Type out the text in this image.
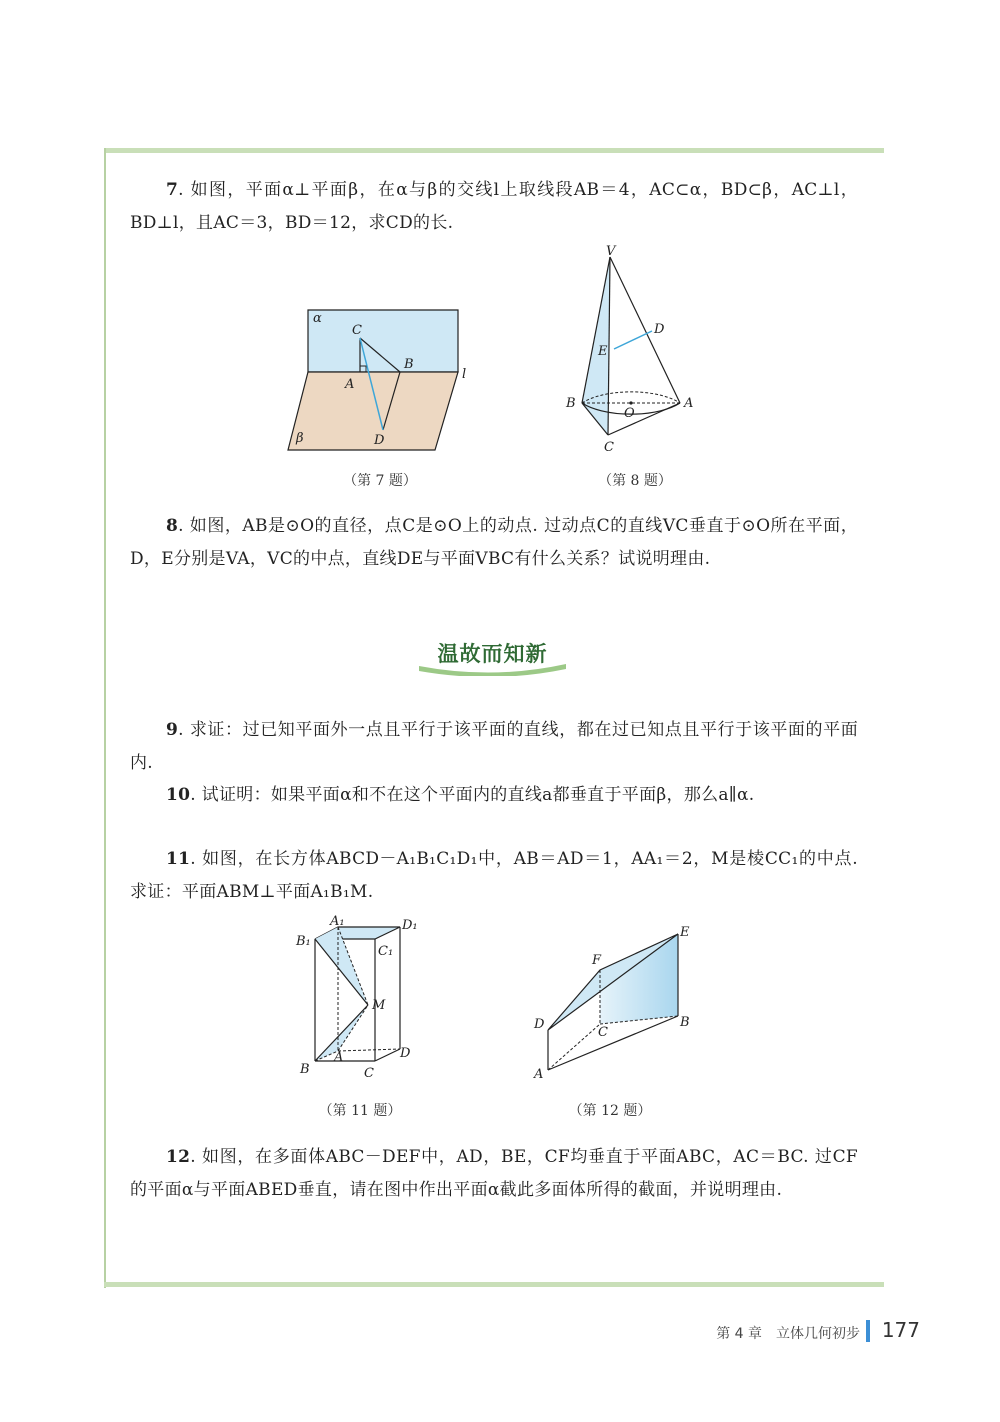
7. 如图，平面α⊥平面β，在α与β的交线l上取线段AB＝4，AC⊂α，BD⊂β，AC⊥l，BD⊥l，且AC＝3，BD＝12，求CD的长.
α
β
l
C
A
B
D
（第 7 题）
V
D
E
B
O
A
C
（第 8 题）
8. 如图，AB是⊙O的直径，点C是⊙O上的动点. 过动点C的直线VC垂直于⊙O所在平面，D，E分别是VA，VC的中点，直线DE与平面VBC有什么关系？试说明理由.
温故而知新
9. 求证：过已知平面外一点且平行于该平面的直线，都在过已知点且平行于该平面的平面内.
10. 试证明：如果平面α和不在这个平面内的直线a都垂直于平面β，那么a∥α.
11. 如图，在长方体ABCD－A₁B₁C₁D₁中，AB＝AD＝1，AA₁＝2，M是棱CC₁的中点. 求证：平面ABM⊥平面A₁B₁M.
A₁	D₁
B₁
C₁
M
A	D
B	C
（第 11 题）
E
F
D
C
B
A
（第 12 题）
12. 如图，在多面体ABC－DEF中，AD，BE，CF均垂直于平面ABC，AC＝BC. 过CF的平面α与平面ABED垂直，请在图中作出平面α截此多面体所得的截面，并说明理由.
第 4 章　立体几何初步 177
